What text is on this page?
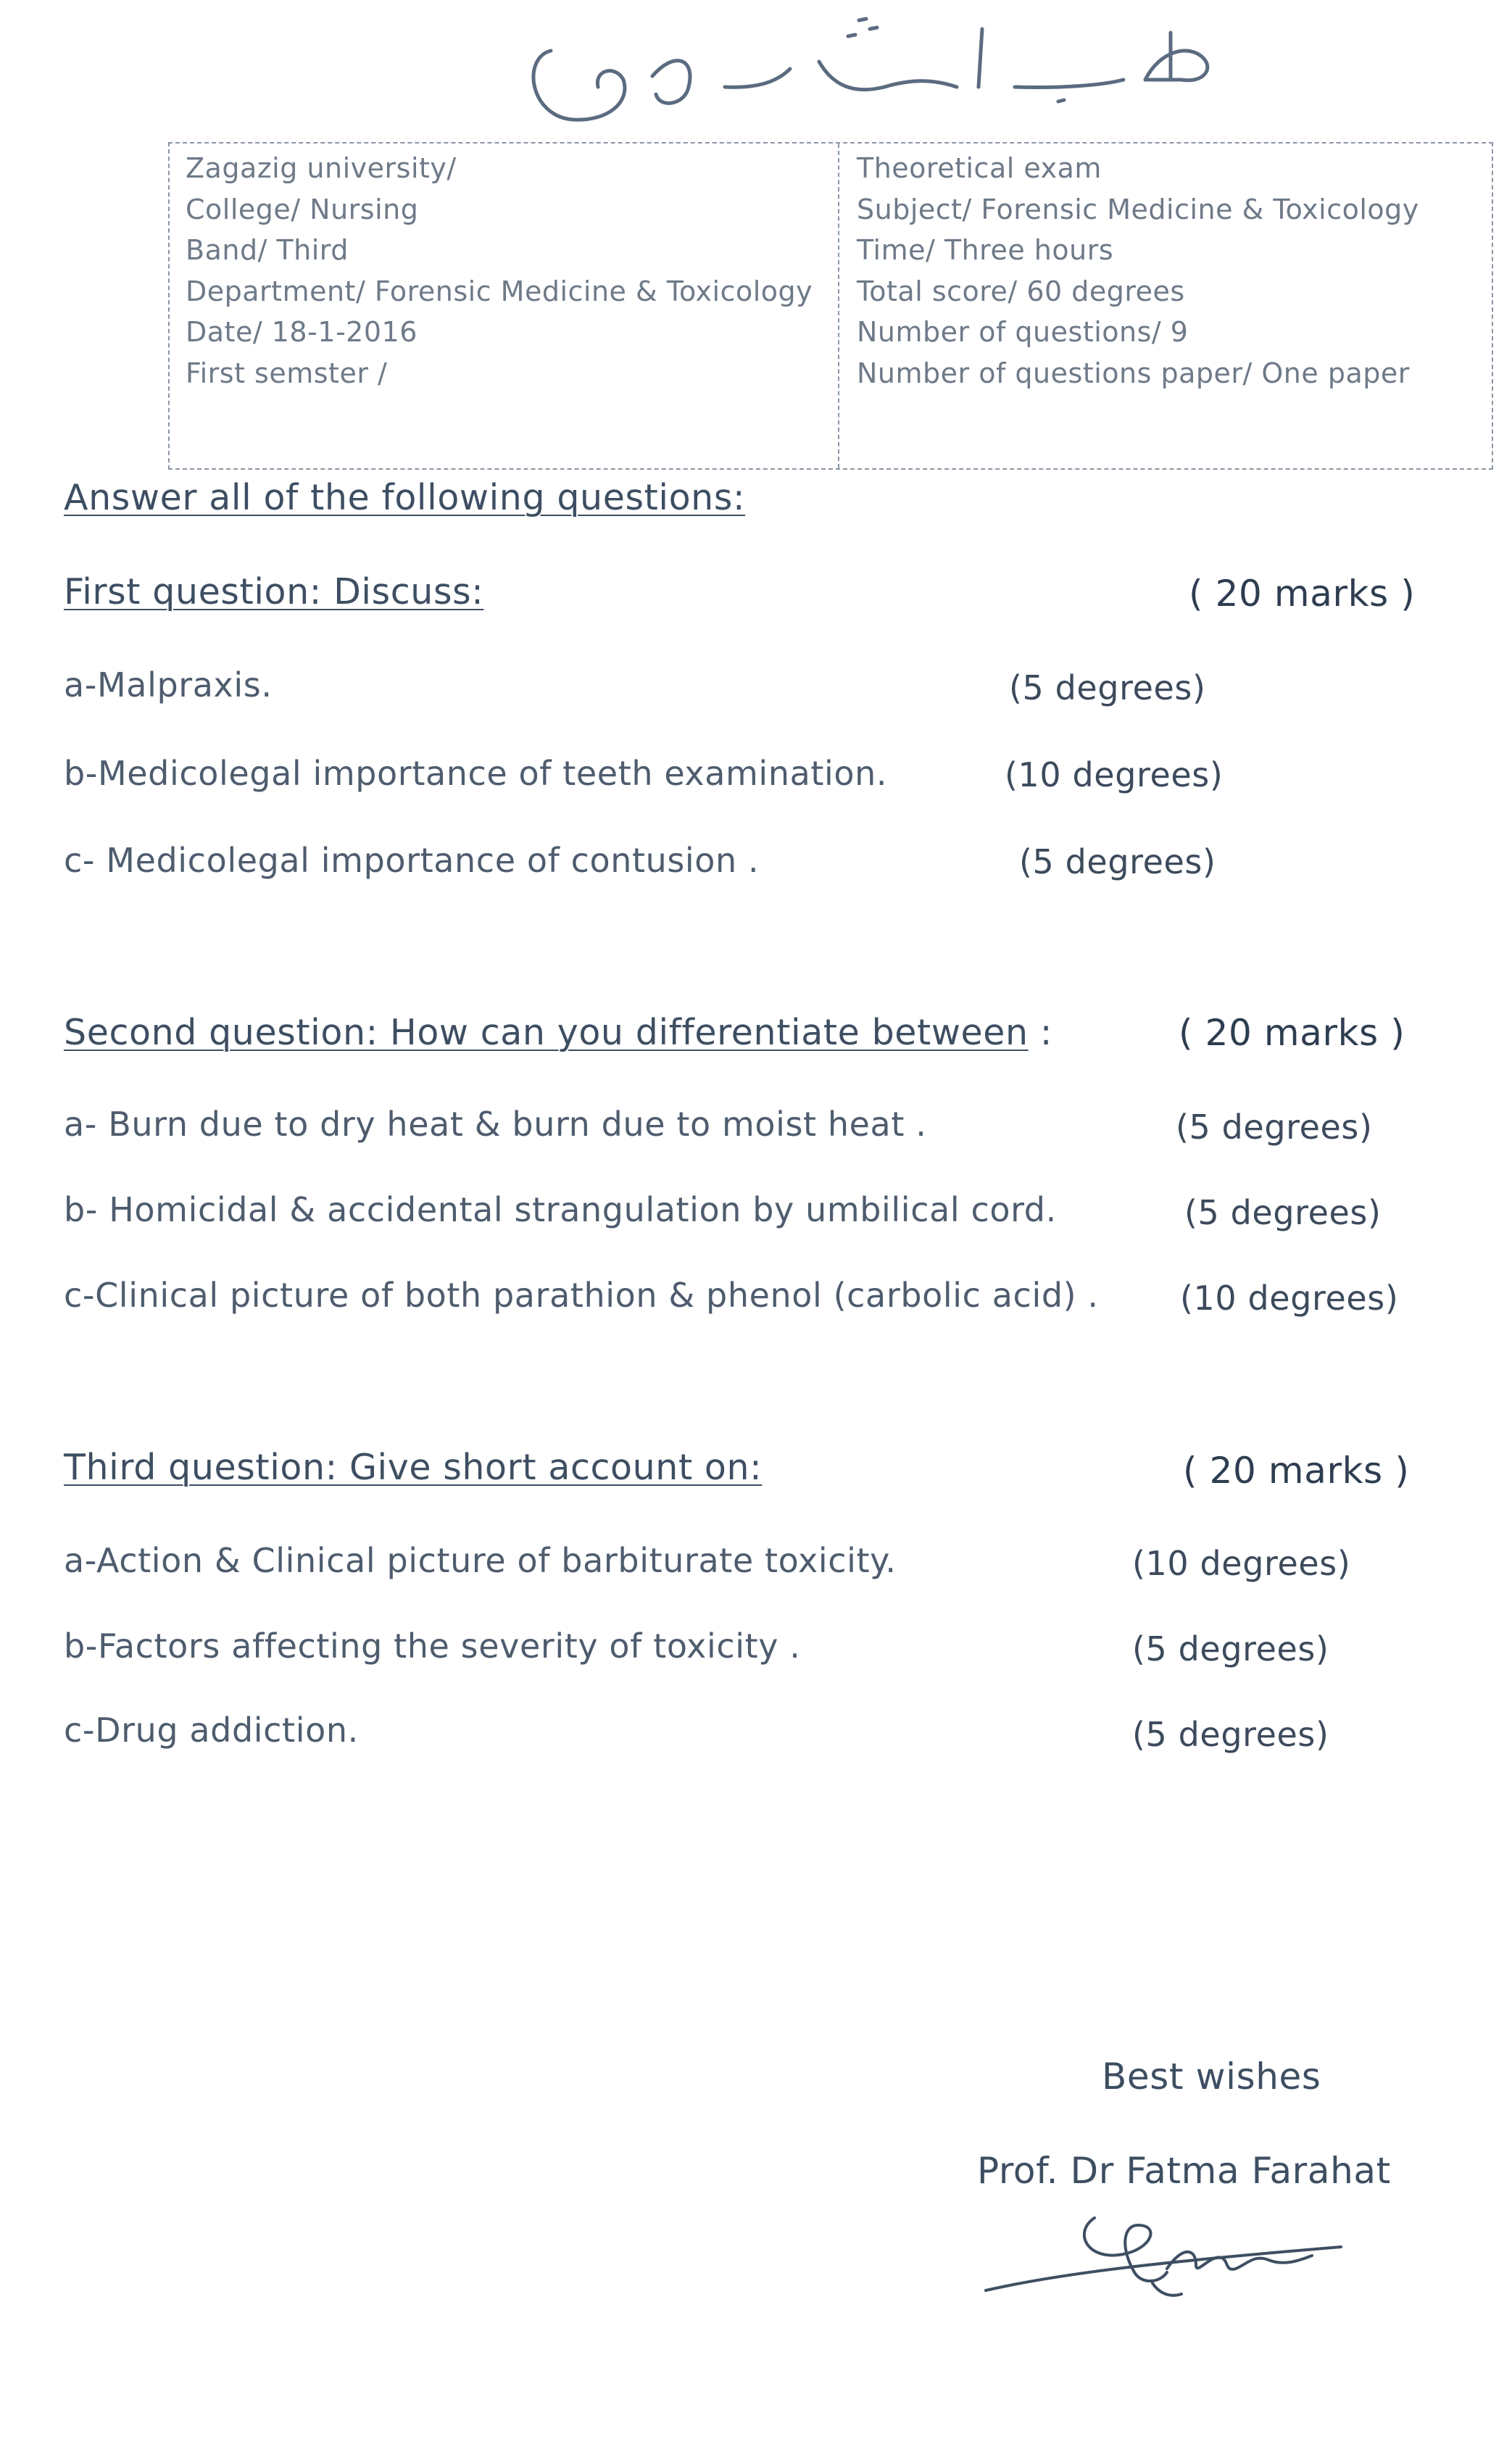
Zagazig university/
College/ Nursing
Band/ Third
Department/ Forensic Medicine & Toxicology
Date/ 18-1-2016
First semster /
Theoretical exam
Subject/ Forensic Medicine & Toxicology
Time/ Three hours
Total score/ 60 degrees
Number of questions/ 9
Number of questions paper/ One paper
Answer all of the following questions:
First question: Discuss:	( 20 marks )
a-Malpraxis.	(5 degrees)
b-Medicolegal importance of teeth examination.	(10 degrees)
c- Medicolegal importance of contusion .	(5 degrees)
Second question: How can you differentiate between :	( 20 marks )
a- Burn due to dry heat & burn due to moist heat .	(5 degrees)
b- Homicidal & accidental strangulation by umbilical cord.	(5 degrees)
c-Clinical picture of both parathion & phenol (carbolic acid) . (10 degrees)
Third question: Give short account on:	( 20 marks )
a-Action & Clinical picture of barbiturate toxicity.	(10 degrees)
b-Factors affecting the severity of toxicity .	(5 degrees)
c-Drug addiction.	(5 degrees)
Best wishes
Prof. Dr Fatma Farahat
